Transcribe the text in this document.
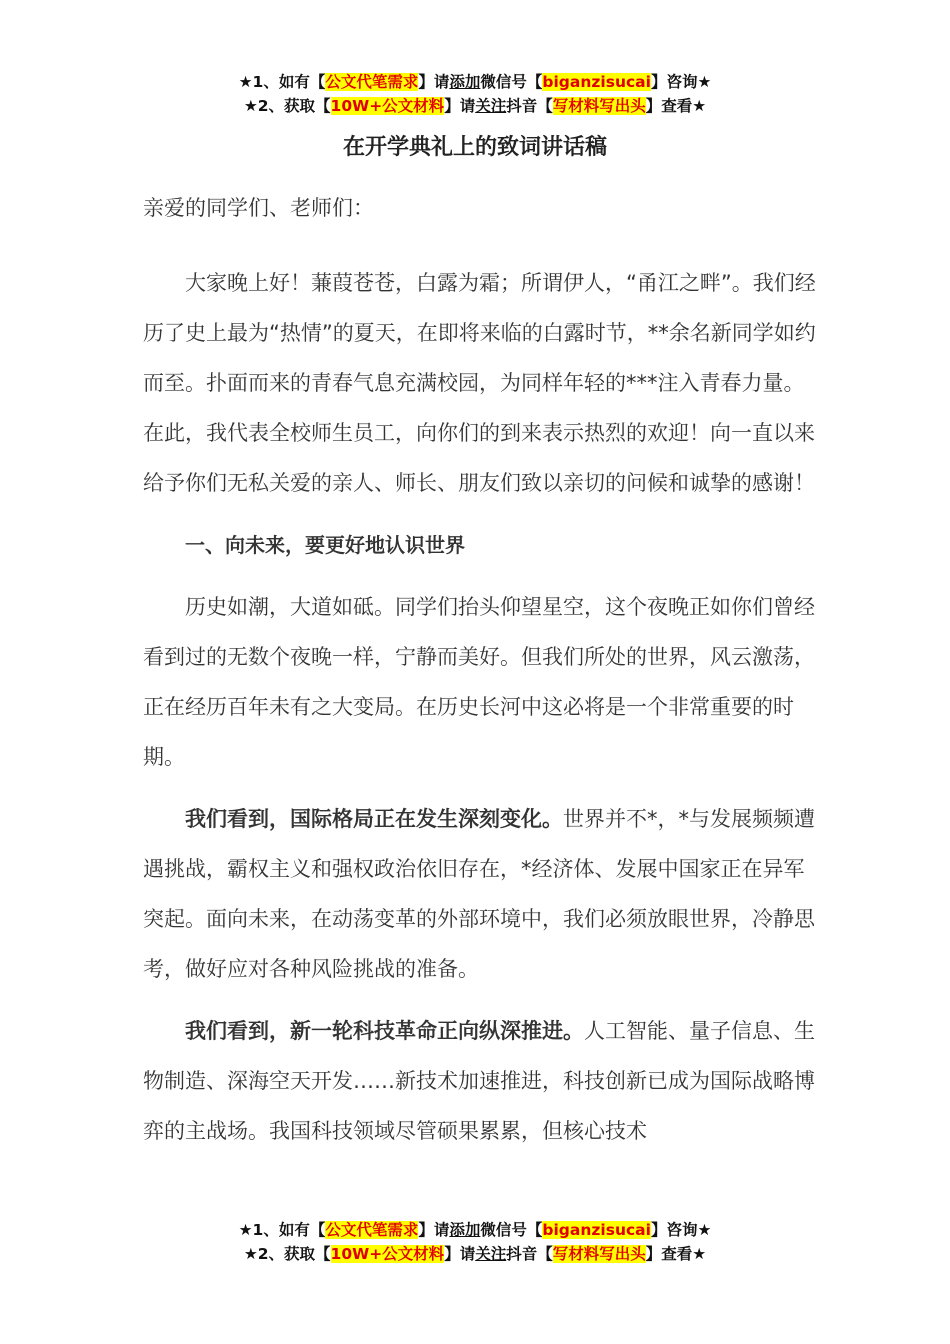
★1、如有【公文代笔需求】请添加微信号【biganzisucai】咨询★
★2、获取【10W+公文材料】请关注抖音【写材料写出头】查看★
在开学典礼上的致词讲话稿

亲爱的同学们、老师们：

大家晚上好！蒹葭苍苍，白露为霜；所谓伊人，“甬江之畔”。我们经历了史上最为“热情”的夏天，在即将来临的白露时节，**余名新同学如约而至。扑面而来的青春气息充满校园，为同样年轻的***注入青春力量。在此，我代表全校师生员工，向你们的到来表示热烈的欢迎！向一直以来给予你们无私关爱的亲人、师长、朋友们致以亲切的问候和诚挚的感谢！

一、向未来，要更好地认识世界

历史如潮，大道如砥。同学们抬头仰望星空，这个夜晚正如你们曾经看到过的无数个夜晚一样，宁静而美好。但我们所处的世界，风云激荡，正在经历百年未有之大变局。在历史长河中这必将是一个非常重要的时期。

我们看到，国际格局正在发生深刻变化。世界并不*，*与发展频频遭遇挑战，霸权主义和强权政治依旧存在，*经济体、发展中国家正在异军突起。面向未来，在动荡变革的外部环境中，我们必须放眼世界，冷静思考，做好应对各种风险挑战的准备。

我们看到，新一轮科技革命正向纵深推进。人工智能、量子信息、生物制造、深海空天开发……新技术加速推进，科技创新已成为国际战略博弈的主战场。我国科技领域尽管硕果累累，但核心技术

★1、如有【公文代笔需求】请添加微信号【biganzisucai】咨询★
★2、获取【10W+公文材料】请关注抖音【写材料写出头】查看★
